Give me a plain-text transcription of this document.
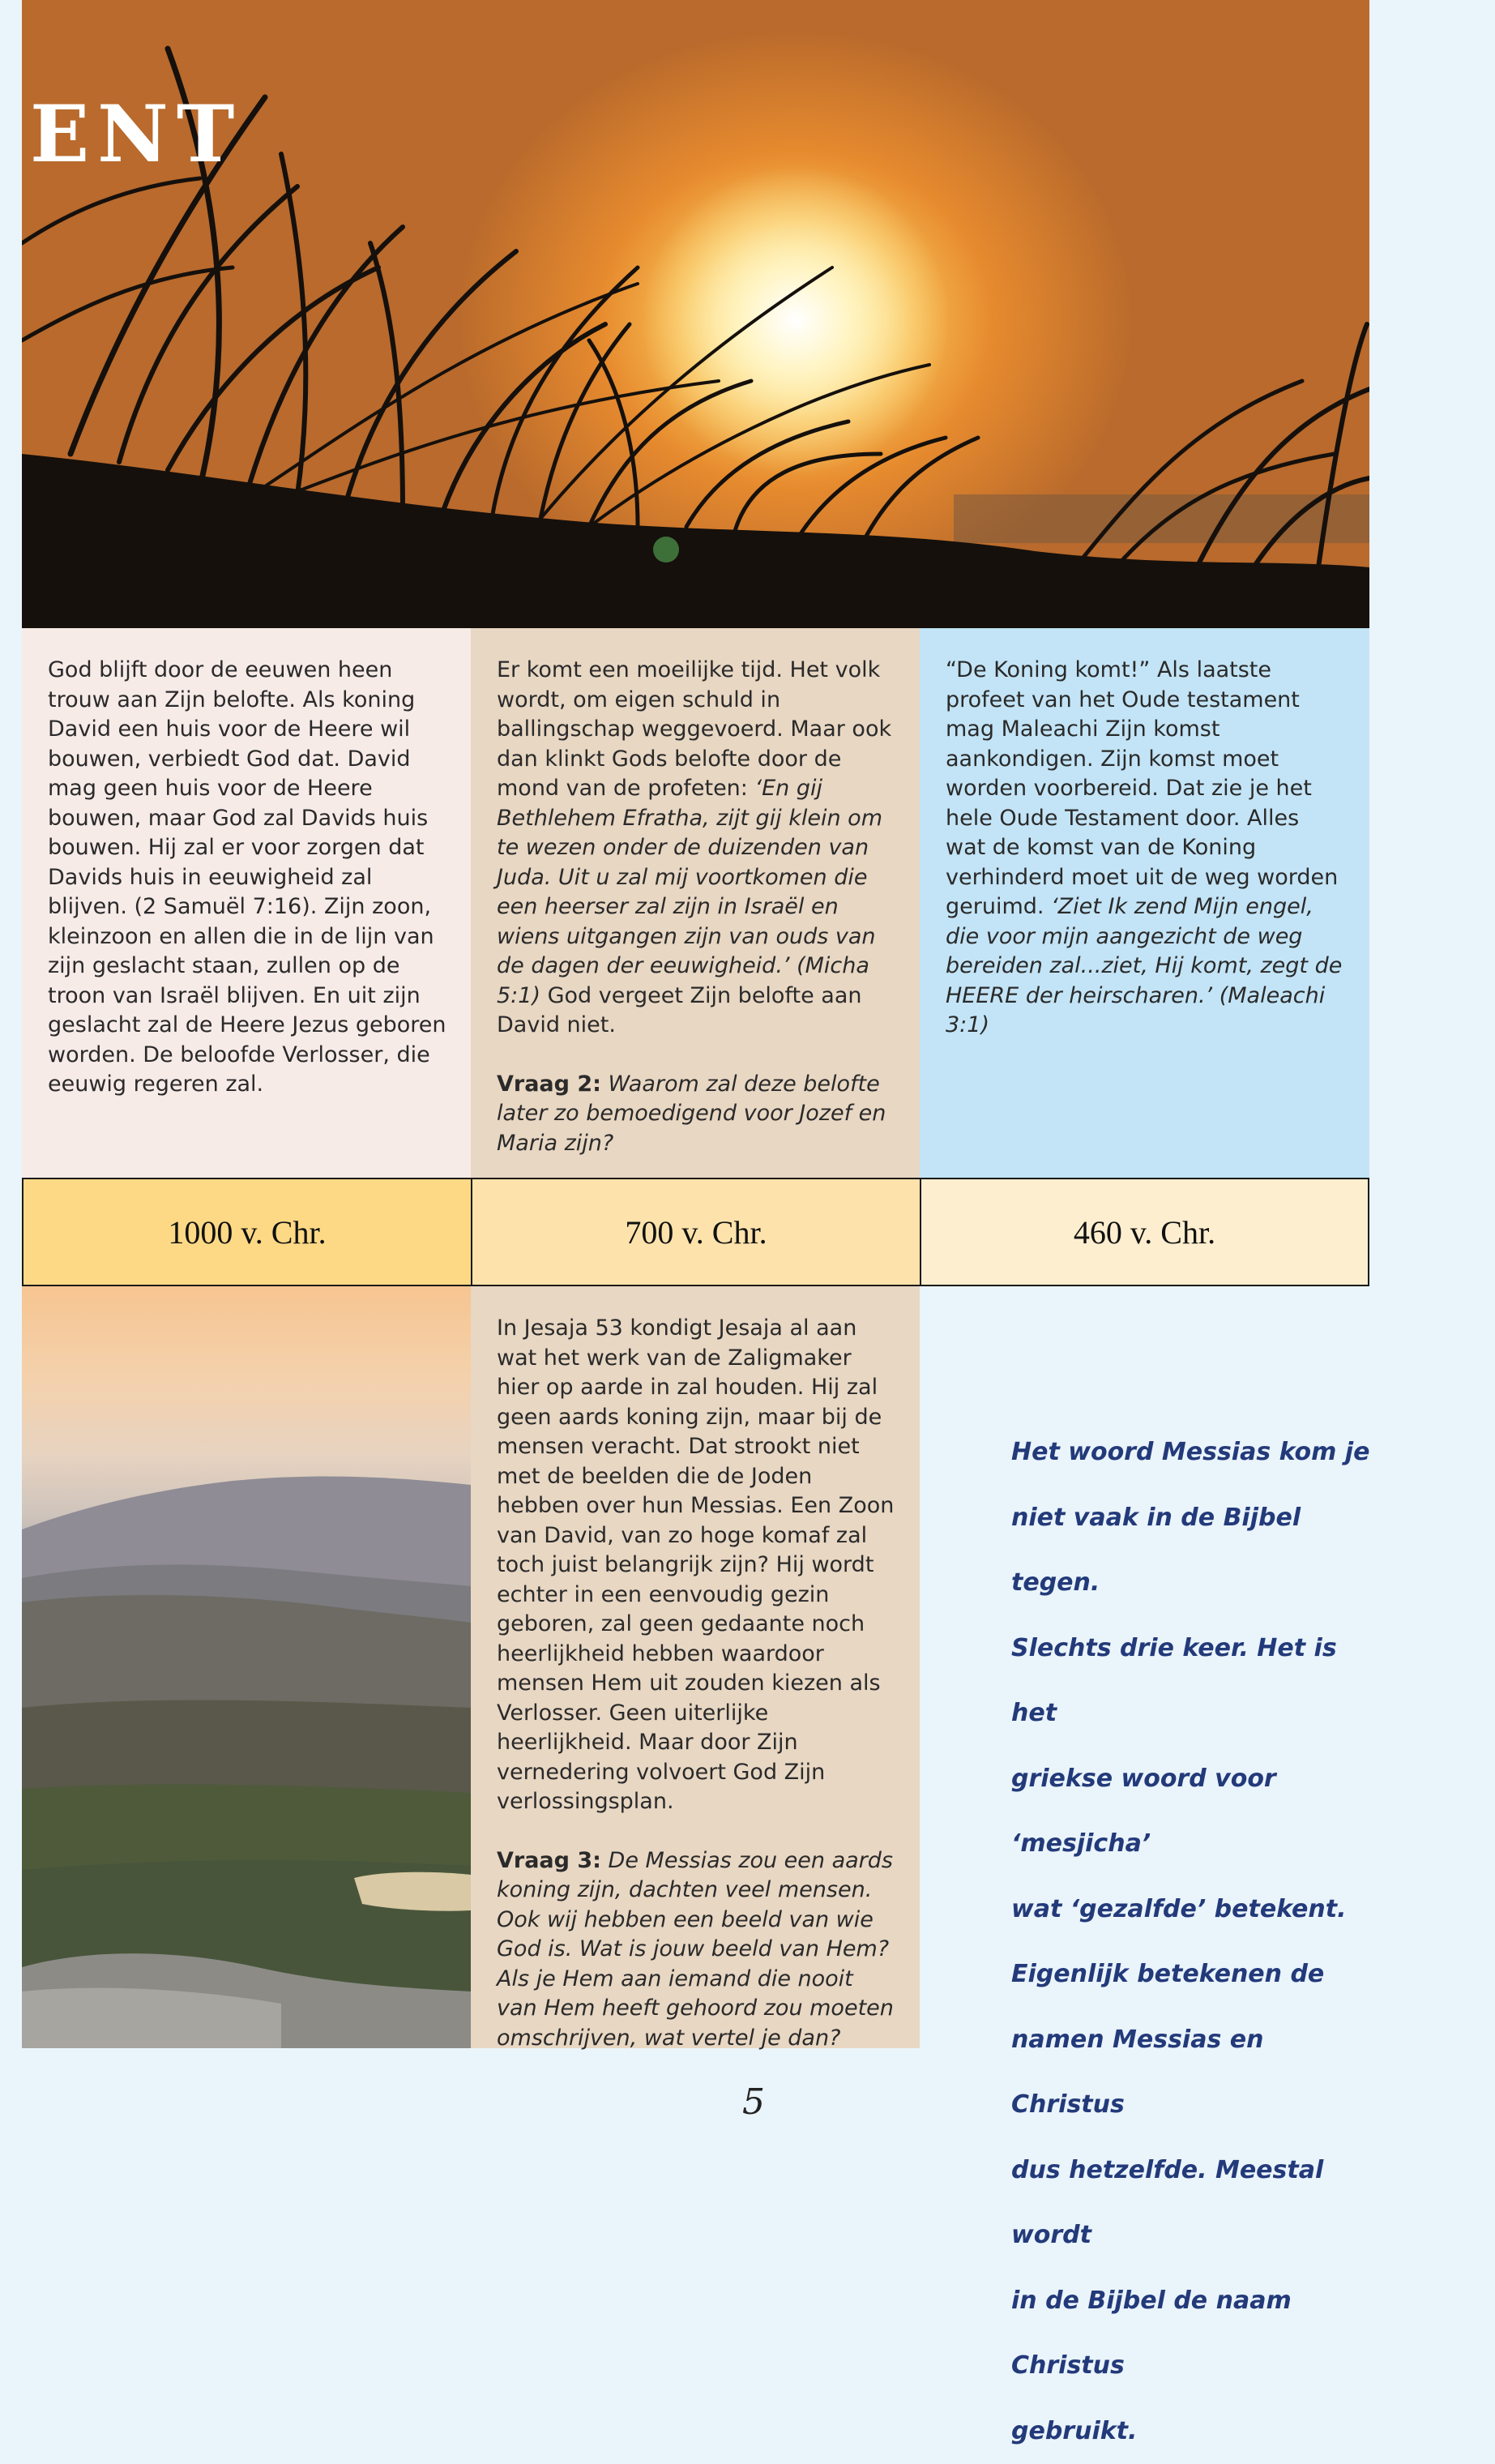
ENT

God blijft door de eeuwen heen trouw aan Zijn belofte. Als koning David een huis voor de Heere wil bouwen, verbiedt God dat. David mag geen huis voor de Heere bouwen, maar God zal Davids huis bouwen. Hij zal er voor zorgen dat Davids huis in eeuwigheid zal blijven. (2 Samuël 7:16). Zijn zoon, kleinzoon en allen die in de lijn van zijn geslacht staan, zullen op de troon van Israël blijven. En uit zijn geslacht zal de Heere Jezus geboren worden. De beloofde Verlosser, die eeuwig regeren zal.

Er komt een moeilijke tijd. Het volk wordt, om eigen schuld in ballingschap weggevoerd. Maar ook dan klinkt Gods belofte door de mond van de profeten: ‘En gij Bethlehem Efratha, zijt gij klein om te wezen onder de duizenden van Juda. Uit u zal mij voortkomen die een heerser zal zijn in Israël en wiens uitgangen zijn van ouds van de dagen der eeuwigheid.’ (Micha 5:1) God vergeet Zijn belofte aan David niet.

Vraag 2: Waarom zal deze belofte later zo bemoedigend voor Jozef en Maria zijn?

“De Koning komt!” Als laatste profeet van het Oude testament mag Maleachi Zijn komst aankondigen. Zijn komst moet worden voorbereid. Dat zie je het hele Oude Testament door. Alles wat de komst van de Koning verhinderd moet uit de weg worden geruimd. ‘Ziet Ik zend Mijn engel, die voor mijn aangezicht de weg bereiden zal...ziet, Hij komt, zegt de HEERE der heirscharen.’ (Maleachi 3:1)

1000 v. Chr.	700 v. Chr.	460 v. Chr.

In Jesaja 53 kondigt Jesaja al aan wat het werk van de Zaligmaker hier op aarde in zal houden. Hij zal geen aards koning zijn, maar bij de mensen veracht. Dat strookt niet met de beelden die de Joden hebben over hun Messias. Een Zoon van David, van zo hoge komaf zal toch juist belangrijk zijn? Hij wordt echter in een eenvoudig gezin geboren, zal geen gedaante noch heerlijkheid hebben waardoor mensen Hem uit zouden kiezen als Verlosser. Geen uiterlijke heerlijkheid. Maar door Zijn vernedering volvoert God Zijn verlossingsplan.

Vraag 3: De Messias zou een aards koning zijn, dachten veel mensen. Ook wij hebben een beeld van wie God is. Wat is jouw beeld van Hem? Als je Hem aan iemand die nooit van Hem heeft gehoord zou moeten omschrijven, wat vertel je dan?

Het woord Messias kom je

niet vaak in de Bijbel tegen.

Slechts drie keer. Het is het

griekse woord voor ‘mesjicha’

wat ‘gezalfde’ betekent.

Eigenlijk betekenen de

namen Messias en Christus

dus hetzelfde. Meestal wordt

in de Bijbel de naam Christus

gebruikt.

5
